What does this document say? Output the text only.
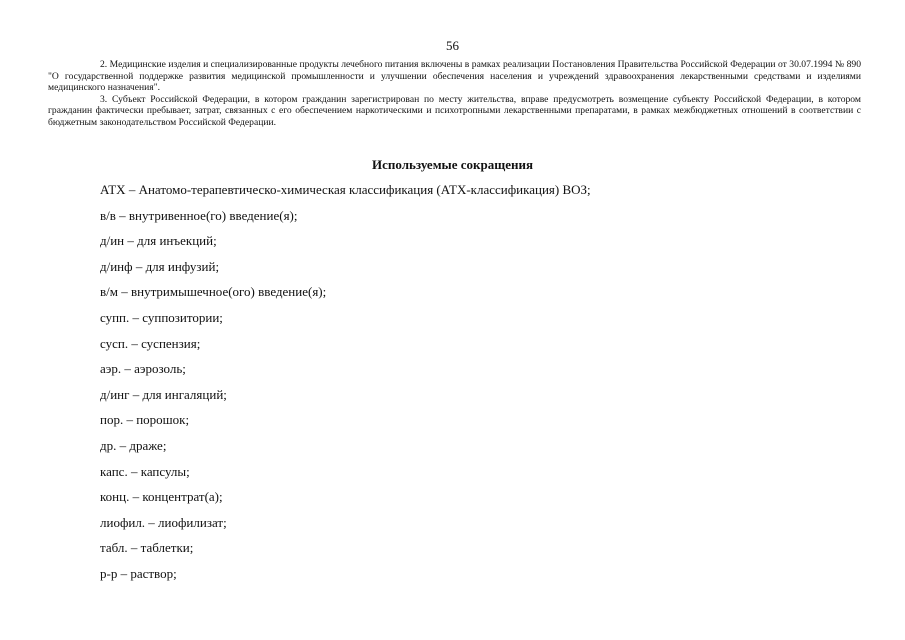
56

2. Медицинские изделия и специализированные продукты лечебного питания включены в рамках реализации Постановления Правительства Российской Федерации от 30.07.1994 № 890 "О государственной поддержке развития медицинской промышленности и улучшении обеспечения населения и учреждений здравоохранения лекарственными средствами и изделиями медицинского назначения".

3. Субъект Российской Федерации, в котором гражданин зарегистрирован по месту жительства, вправе предусмотреть возмещение субъекту Российской Федерации, в котором гражданин фактически пребывает, затрат, связанных с его обеспечением наркотическими и психотропными лекарственными препаратами, в рамках межбюджетных отношений в соответствии с бюджетным законодательством Российской Федерации.

Используемые сокращения
АТХ – Анатомо-терапевтическо-химическая классификация (АТХ-классификация) ВОЗ;
в/в – внутривенное(го) введение(я);
д/ин – для инъекций;
д/инф – для инфузий;
в/м – внутримышечное(ого) введение(я);
супп. – суппозитории;
сусп. – суспензия;
аэр. – аэрозоль;
д/инг – для ингаляций;
пор. – порошок;
др. – драже;
капс. – капсулы;
конц. – концентрат(а);
лиофил. – лиофилизат;
табл. – таблетки;
р-р – раствор;
